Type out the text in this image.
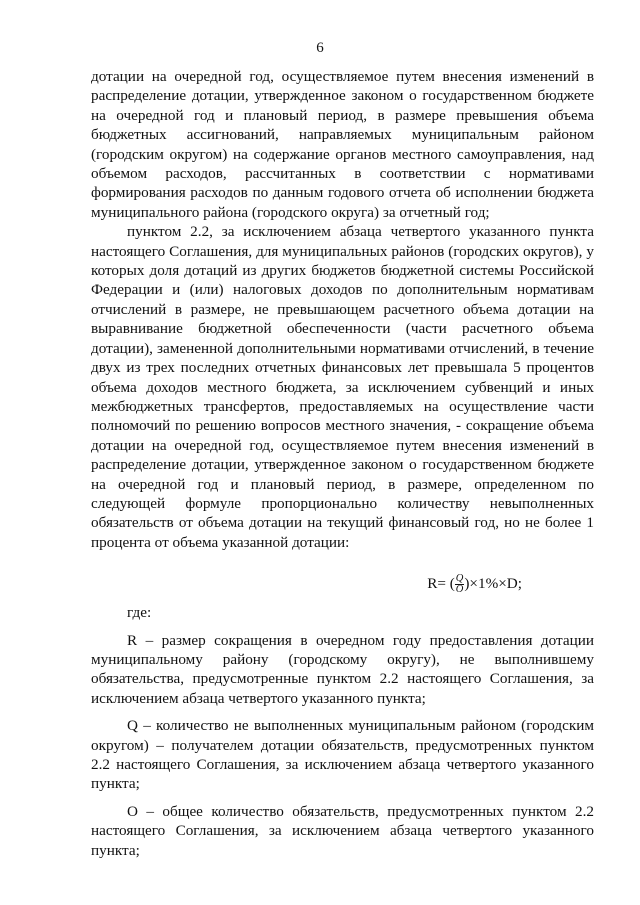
6

дотации на очередной год, осуществляемое путем внесения изменений в распределение дотации, утвержденное законом о государственном бюджете на очередной год и плановый период, в размере превышения объема бюджетных ассигнований, направляемых муниципальным районом (городским округом) на содержание органов местного самоуправления, над объемом расходов, рассчитанных в соответствии с нормативами формирования расходов по данным годового отчета об исполнении бюджета муниципального района (городского округа) за отчетный год;

пунктом 2.2, за исключением абзаца четвертого указанного пункта настоящего Соглашения, для муниципальных районов (городских округов), у которых доля дотаций из других бюджетов бюджетной системы Российской Федерации и (или) налоговых доходов по дополнительным нормативам отчислений в размере, не превышающем расчетного объема дотации на выравнивание бюджетной обеспеченности (части расчетного объема дотации), замененной дополнительными нормативами отчислений, в течение двух из трех последних отчетных финансовых лет превышала 5 процентов объема доходов местного бюджета, за исключением субвенций и иных межбюджетных трансфертов, предоставляемых на осуществление части полномочий по решению вопросов местного значения, - сокращение объема дотации на очередной год, осуществляемое путем внесения изменений в распределение дотации, утвержденное законом о государственном бюджете на очередной год и плановый период, в размере, определенном по следующей формуле пропорционально количеству невыполненных обязательств от объема дотации на текущий финансовый год, но не более 1 процента от объема указанной дотации:

R= ( $\frac{Q}{O} )\times 1\%\times D$;

где:

R – размер сокращения в очередном году предоставления дотации муниципальному району (городскому округу), не выполнившему обязательства, предусмотренные пунктом 2.2 настоящего Соглашения, за исключением абзаца четвертого указанного пункта;

Q – количество не выполненных муниципальным районом (городским округом) – получателем дотации обязательств, предусмотренных пунктом 2.2 настоящего Соглашения, за исключением абзаца четвертого указанного пункта;

O – общее количество обязательств, предусмотренных пунктом 2.2 настоящего Соглашения, за исключением абзаца четвертого указанного пункта;
